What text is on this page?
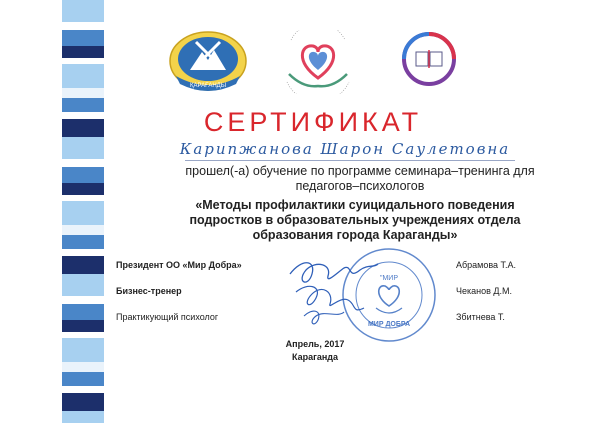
ҚАРАҒАНДЫ
СЕРТИФИКАТ
Карипжанова Шарон Саулетовна
прошел(-а) обучение по программе семинара–тренинга для
педагогов–психологов
«Методы профилактики суицидального поведения
подростков в образовательных учреждениях отдела
образования города Караганды»
Президент ОО «Мир Добра»
Бизнес-тренер
Практикующий психолог
"МИР
МИР ДОБРА
Абрамова Т.А.
Чеканов Д.М.
Збитнева Т.
Апрель, 2017
Караганда
